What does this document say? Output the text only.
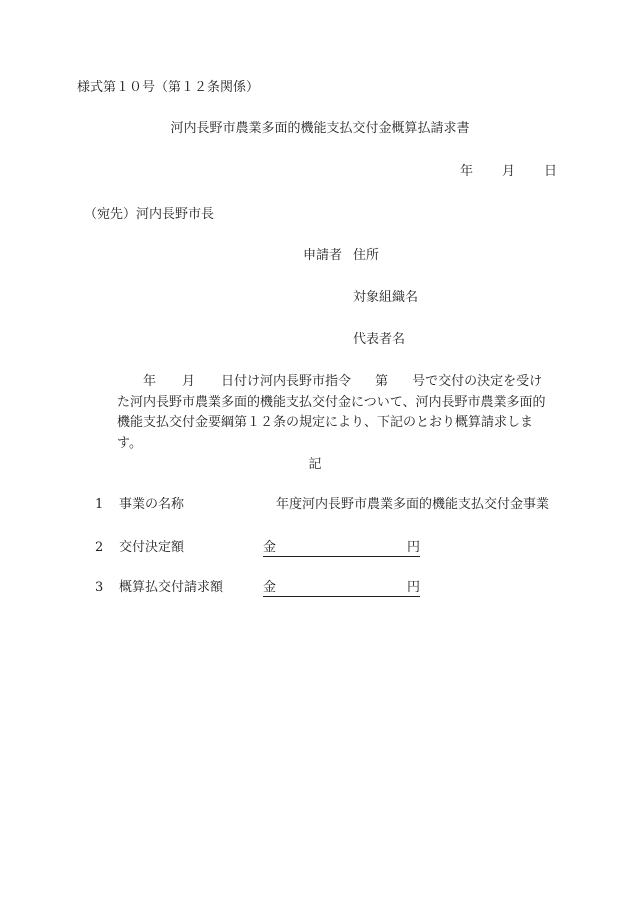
様式第１０号（第１２条関係）
河内長野市農業多面的機能支払交付金概算払請求書
年 月 日
（宛先）河内長野市長
申請者 住所
対象組織名
代表者名
年 月 日付け河内長野市指令 第 号で交付の決定を受け
た河内長野市農業多面的機能支払交付金について、河内長野市農業多面的
機能支払交付金要綱第１２条の規定により、下記のとおり概算請求します。
記
1 事業の名称	年度河内長野市農業多面的機能支払交付金事業
2 交付決定額	金	円
3 概算払交付請求額	金	円
